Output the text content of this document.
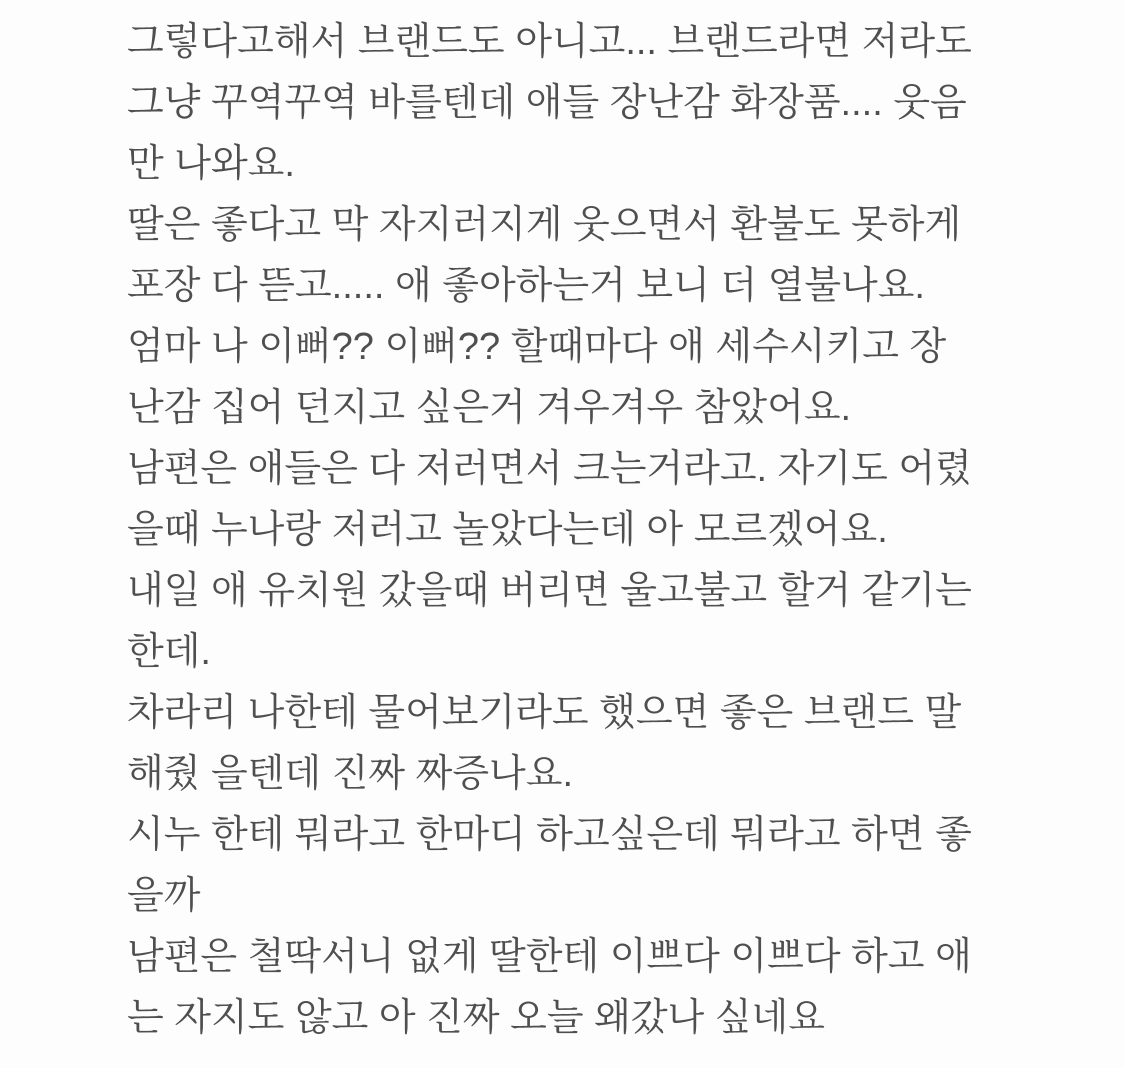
그렇다고해서 브랜드도 아니고... 브랜드라면 저라도
그냥 꾸역꾸역 바를텐데 애들 장난감 화장품.... 웃음
만 나와요.
딸은 좋다고 막 자지러지게 웃으면서 환불도 못하게
포장 다 뜯고..... 애 좋아하는거 보니 더 열불나요.
엄마 나 이뻐?? 이뻐?? 할때마다 애 세수시키고 장
난감 집어 던지고 싶은거 겨우겨우 참았어요.
남편은 애들은 다 저러면서 크는거라고. 자기도 어렸
을때 누나랑 저러고 놀았다는데 아 모르겠어요.
내일 애 유치원 갔을때 버리면 울고불고 할거 같기는
한데.
차라리 나한테 물어보기라도 했으면 좋은 브랜드 말
해줬 을텐데 진짜 짜증나요.
시누 한테 뭐라고 한마디 하고싶은데 뭐라고 하면 좋
을까
남편은 철딱서니 없게 딸한테 이쁘다 이쁘다 하고 애
는 자지도 않고 아 진짜 오늘 왜갔나 싶네요
